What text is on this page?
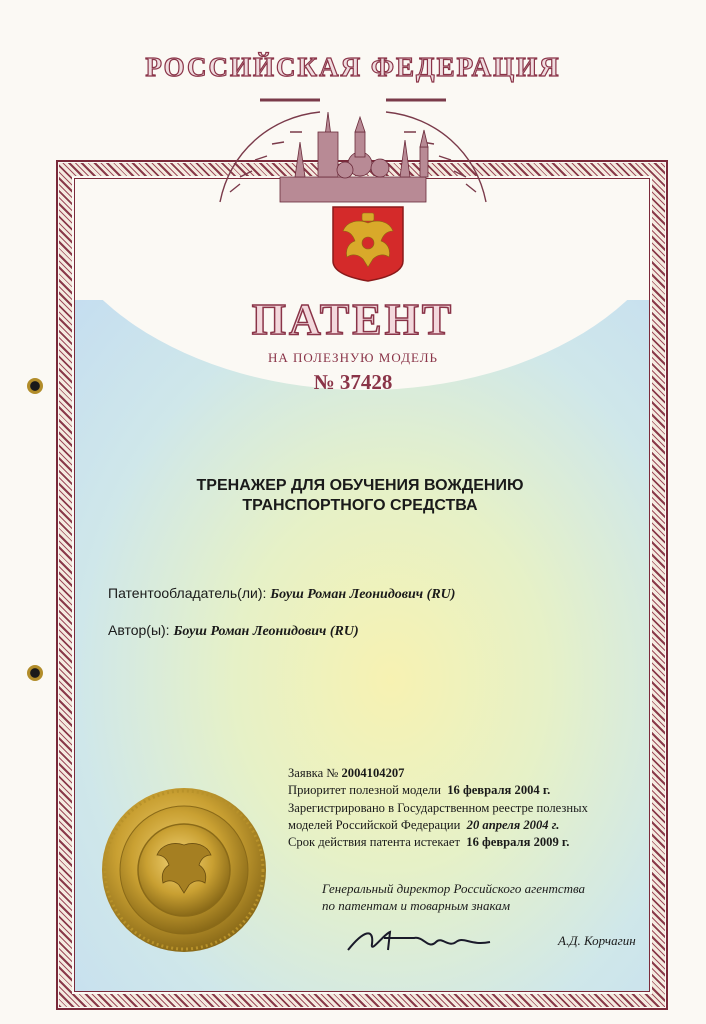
РОССИЙСКАЯ ФЕДЕРАЦИЯ
ПАТЕНТ
НА ПОЛЕЗНУЮ МОДЕЛЬ
№ 37428
ТРЕНАЖЕР ДЛЯ ОБУЧЕНИЯ ВОЖДЕНИЮ
ТРАНСПОРТНОГО СРЕДСТВА
Патентообладатель(ли): Боуш Роман Леонидович (RU)
Автор(ы): Боуш Роман Леонидович (RU)
Заявка № 2004104207
Приоритет полезной модели 16 февраля 2004 г.
Зарегистрировано в Государственном реестре полезных
моделей Российской Федерации 20 апреля 2004 г.
Срок действия патента истекает 16 февраля 2009 г.
Генеральный директор Российского агентства
по патентам и товарным знакам
А.Д. Корчагин
